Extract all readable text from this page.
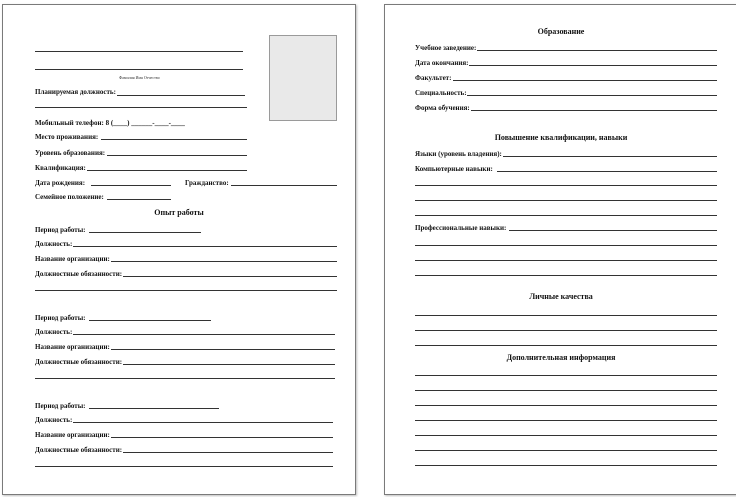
Фамилия Имя Отчество
Планируемая должность:
Мобильный телефон: 8 (____) ______-____-____
Место проживания:
Уровень образования:
Квалификация:
Дата рождения:	Гражданство:
Семейное положение:
Опыт работы
Период работы:
Должность:
Название организации:
Должностные обязанности:
Период работы:
Должность:
Название организации:
Должностные обязанности:
Период работы:
Должность:
Название организации:
Должностные обязанности:
Образование
Учебное заведение:
Дата окончания:
Факультет:
Специальность:
Форма обучения:
Повышение квалификации, навыки
Языки (уровень владения):
Компьютерные навыки:
Профессиональные навыки:
Личные качества
Дополнительная информация
